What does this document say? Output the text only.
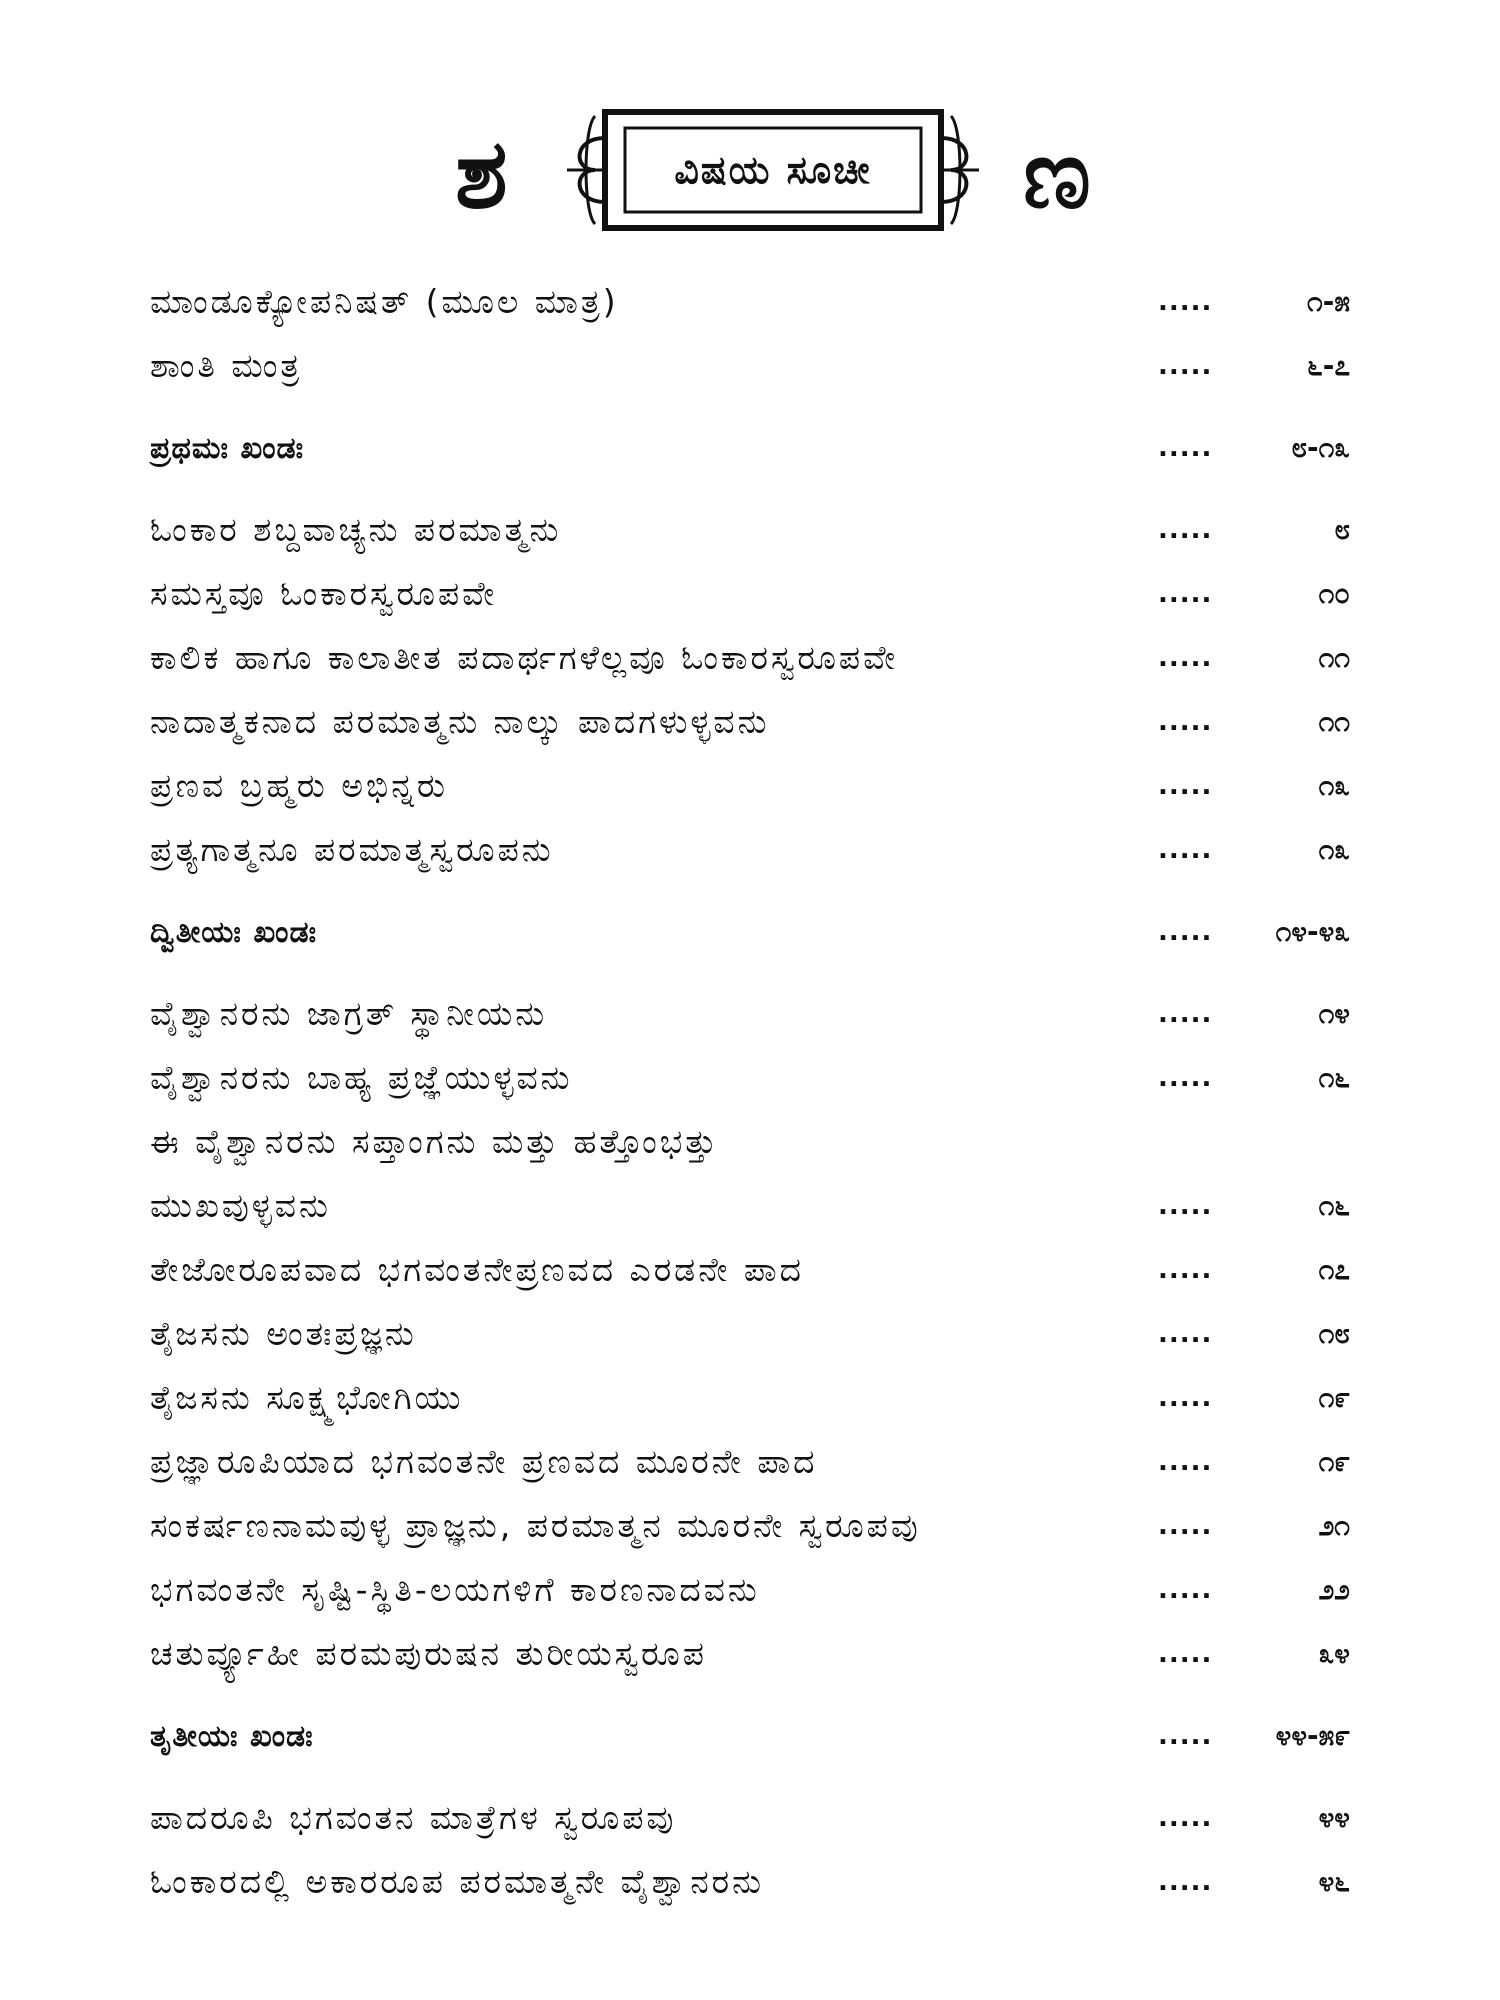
ಶ	ವಿಷಯ ಸೂಚೀ	ಣ
ಮಾಂಡೂಕ್ಯೋಪನಿಷತ್ (ಮೂಲ ಮಾತ್ರ)	.....	೧-೫
ಶಾಂತಿ ಮಂತ್ರ	.....	೬-೭
ಪ್ರಥಮಃ ಖಂಡಃ	.....	೮-೧೩
ಓಂಕಾರ ಶಬ್ದವಾಚ್ಯನು ಪರಮಾತ್ಮನು	.....	೮
ಸಮಸ್ತವೂ ಓಂಕಾರಸ್ವರೂಪವೇ	.....	೧೦
ಕಾಲಿಕ ಹಾಗೂ ಕಾಲಾತೀತ ಪದಾರ್ಥಗಳೆಲ್ಲವೂ ಓಂಕಾರಸ್ವರೂಪವೇ	.....	೧೧
ನಾದಾತ್ಮಕನಾದ ಪರಮಾತ್ಮನು ನಾಲ್ಕು ಪಾದಗಳುಳ್ಳವನು	.....	೧೧
ಪ್ರಣವ ಬ್ರಹ್ಮರು ಅಭಿನ್ನರು	.....	೧೩
ಪ್ರತ್ಯಗಾತ್ಮನೂ ಪರಮಾತ್ಮಸ್ವರೂಪನು	.....	೧೩
ದ್ವಿತೀಯಃ ಖಂಡಃ	.....	೧೪-೪೩
ವೈಶ್ವಾನರನು ಜಾಗ್ರತ್ ಸ್ಥಾನೀಯನು	.....	೧೪
ವೈಶ್ವಾನರನು ಬಾಹ್ಯ ಪ್ರಜ್ಞೆಯುಳ್ಳವನು	.....	೧೬
ಈ ವೈಶ್ವಾನರನು ಸಪ್ತಾಂಗನು ಮತ್ತು ಹತ್ತೊಂಭತ್ತು
ಮುಖವುಳ್ಳವನು	.....	೧೬
ತೇಜೋರೂಪವಾದ ಭಗವಂತನೇಪ್ರಣವದ ಎರಡನೇ ಪಾದ	.....	೧೭
ತೈಜಸನು ಅಂತಃಪ್ರಜ್ಞನು	.....	೧೮
ತೈಜಸನು ಸೂಕ್ಷ್ಮಭೋಗಿಯು	.....	೧೯
ಪ್ರಜ್ಞಾರೂಪಿಯಾದ ಭಗವಂತನೇ ಪ್ರಣವದ ಮೂರನೇ ಪಾದ	.....	೧೯
ಸಂಕರ್ಷಣನಾಮವುಳ್ಳ ಪ್ರಾಜ್ಞನು, ಪರಮಾತ್ಮನ ಮೂರನೇ ಸ್ವರೂಪವು	.....	೨೧
ಭಗವಂತನೇ ಸೃಷ್ಟಿ-ಸ್ಥಿತಿ-ಲಯಗಳಿಗೆ ಕಾರಣನಾದವನು	.....	೨೨
ಚತುರ್ವ್ಯೂಹೀ ಪರಮಪುರುಷನ ತುರೀಯಸ್ವರೂಪ	.....	೩೪
ತೃತೀಯಃ ಖಂಡಃ	.....	೪೪-೫೯
ಪಾದರೂಪಿ ಭಗವಂತನ ಮಾತ್ರೆಗಳ ಸ್ವರೂಪವು	.....	೪೪
ಓಂಕಾರದಲ್ಲಿ ಅಕಾರರೂಪ ಪರಮಾತ್ಮನೇ ವೈಶ್ವಾನರನು	.....	೪೬
